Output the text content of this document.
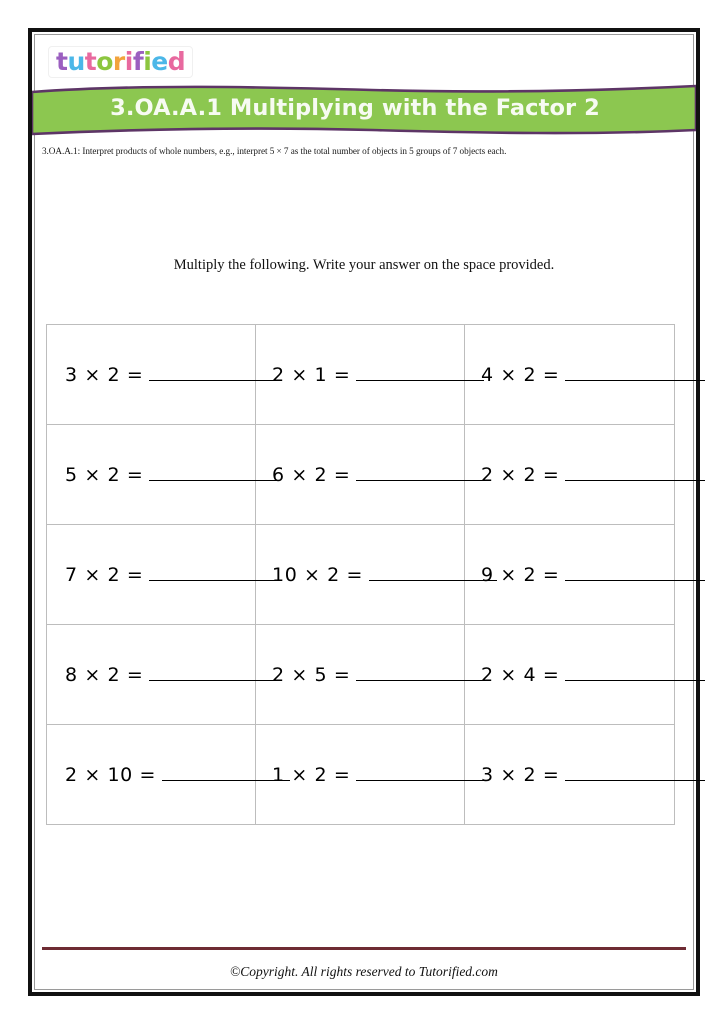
tutorified
3.OA.A.1 Multiplying with the Factor 2
3.OA.A.1: Interpret products of whole numbers, e.g., interpret 5 × 7 as the total number of objects in 5 groups of 7 objects each.
Multiply the following. Write your answer on the space provided.
3 × 2 =	2 × 1 =	4 × 2 =

5 × 2 =	6 × 2 =	2 × 2 =

7 × 2 =	10 × 2 =	9 × 2 =

8 × 2 =	2 × 5 =	2 × 4 =

2 × 10 =	1 × 2 =	3 × 2 =
©Copyright. All rights reserved to Tutorified.com
